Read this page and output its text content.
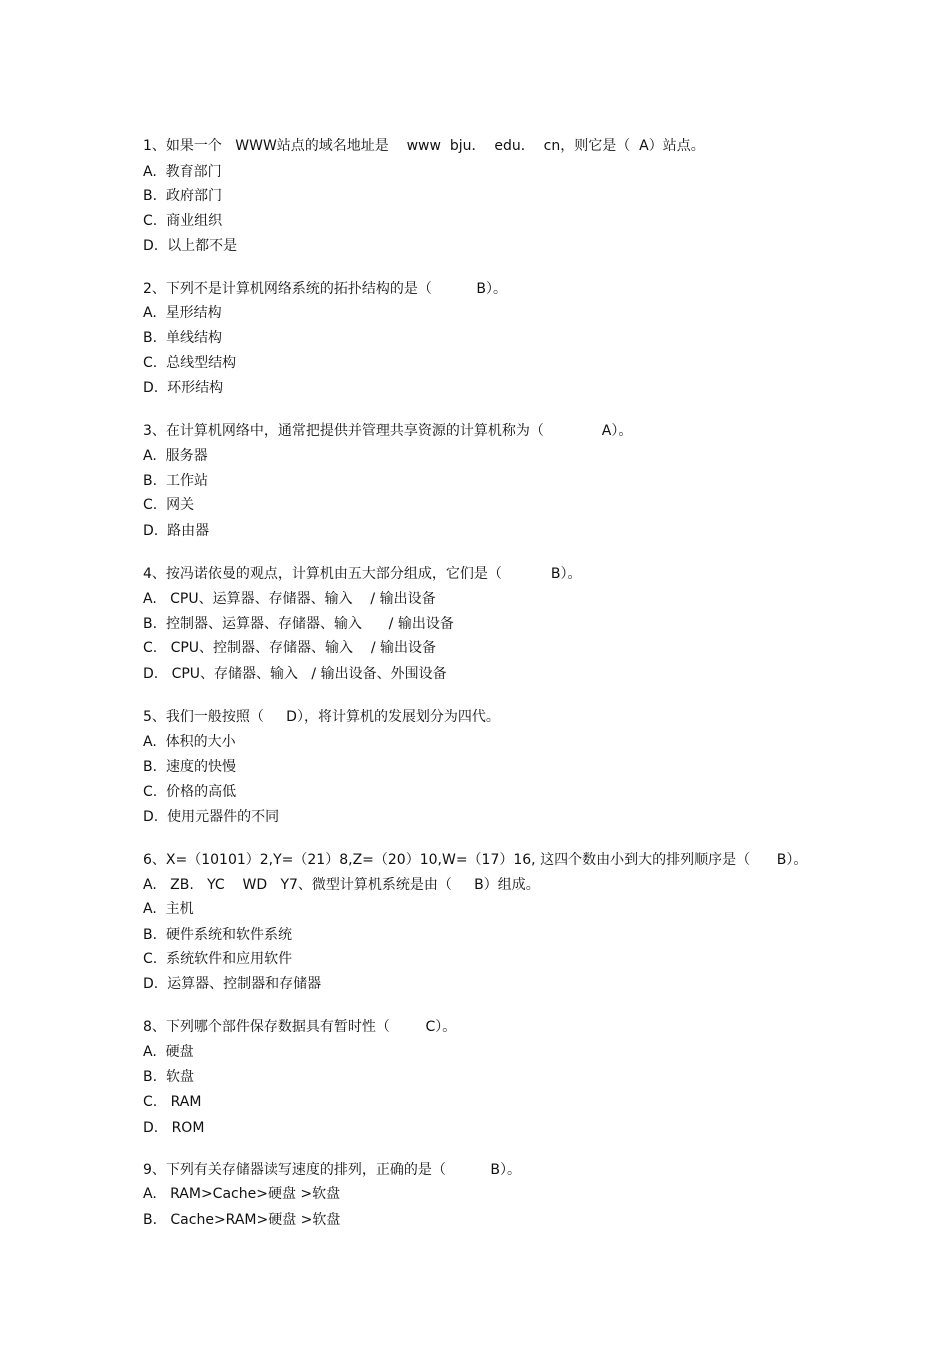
1、如果一个   WWW站点的域名地址是    www  bju．  edu．  cn，则它是（  A）站点。
A.  教育部门
B.  政府部门
C.  商业组织
D.  以上都不是
2、下列不是计算机网络系统的拓扑结构的是（          B）。
A.  星形结构
B.  单线结构
C.  总线型结构
D.  环形结构
3、在计算机网络中，通常把提供并管理共享资源的计算机称为（             A）。
A.  服务器
B.  工作站
C.  网关
D.  路由器
4、按冯诺依曼的观点，计算机由五大部分组成，它们是（           B）。
A.   CPU、运算器、存储器、输入    / 输出设备
B.  控制器、运算器、存储器、输入      / 输出设备
C.   CPU、控制器、存储器、输入    / 输出设备
D.   CPU、存储器、输入   / 输出设备、外围设备
5、我们一般按照（     D），将计算机的发展划分为四代。
A.  体积的大小
B.  速度的快慢
C.  价格的高低
D.  使用元器件的不同
6、X=（10101）2,Y=（21）8,Z=（20）10,W=（17）16, 这四个数由小到大的排列顺序是（      B）。
A.   ZB.   YC    WD   Y7、微型计算机系统是由（     B）组成。
A.  主机
B.  硬件系统和软件系统
C.  系统软件和应用软件
D.  运算器、控制器和存储器
8、下列哪个部件保存数据具有暂时性（        C）。
A.  硬盘
B.  软盘
C.   RAM
D.   ROM
9、下列有关存储器读写速度的排列，正确的是（          B）。
A.   RAM>Cache>硬盘 >软盘
B.   Cache>RAM>硬盘 >软盘
